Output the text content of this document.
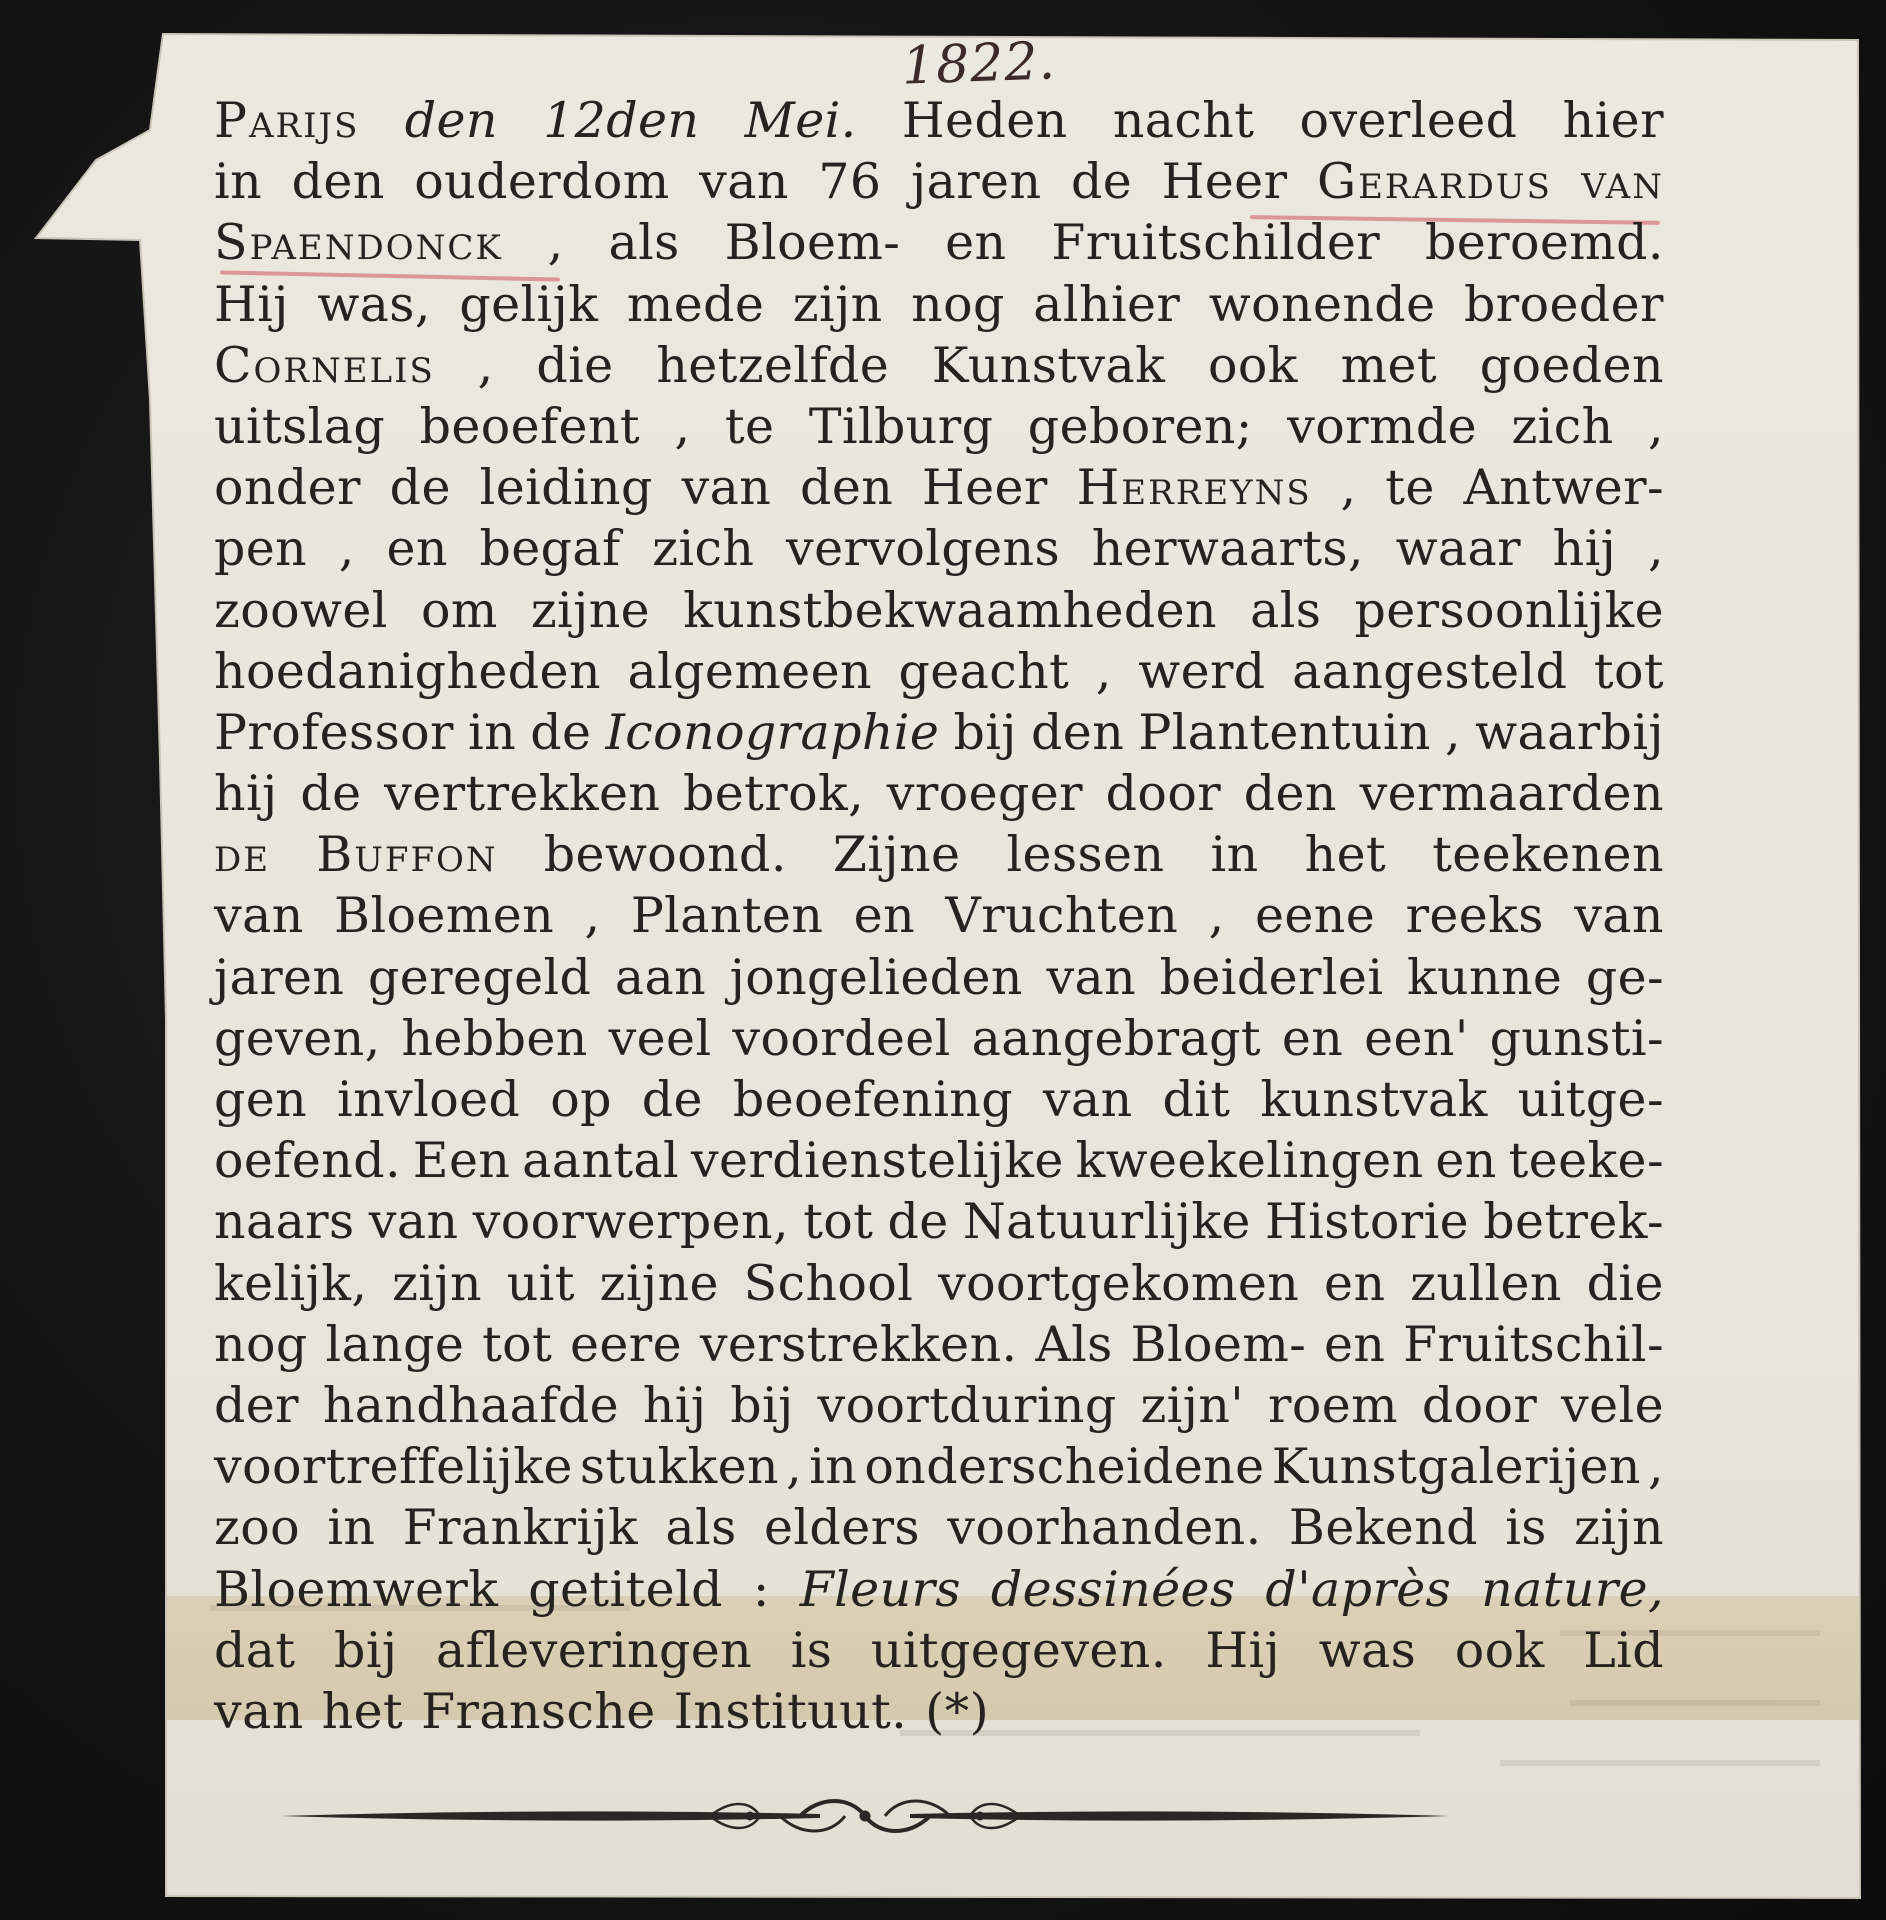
1822.
Parijs den 12den Mei. Heden nacht overleed hier
in den ouderdom van 76 jaren de Heer Gerardus van
Spaendonck , als Bloem- en Fruitschilder beroemd.
Hij was, gelijk mede zijn nog alhier wonende broeder
Cornelis , die hetzelfde Kunstvak ook met goeden
uitslag beoefent , te Tilburg geboren; vormde zich ,
onder de leiding van den Heer Herreyns , te Antwer-
pen , en begaf zich vervolgens herwaarts, waar hij ,
zoowel om zijne kunstbekwaamheden als persoonlijke
hoedanigheden algemeen geacht , werd aangesteld tot
Professor in de Iconographie bij den Plantentuin , waarbij
hij de vertrekken betrok, vroeger door den vermaarden
de Buffon bewoond. Zijne lessen in het teekenen
van Bloemen , Planten en Vruchten , eene reeks van
jaren geregeld aan jongelieden van beiderlei kunne ge-
geven, hebben veel voordeel aangebragt en een' gunsti-
gen invloed op de beoefening van dit kunstvak uitge-
oefend. Een aantal verdienstelijke kweekelingen en teeke-
naars van voorwerpen, tot de Natuurlijke Historie betrek-
kelijk, zijn uit zijne School voortgekomen en zullen die
nog lange tot eere verstrekken. Als Bloem- en Fruitschil-
der handhaafde hij bij voortduring zijn' roem door vele
voortreffelijke stukken , in onderscheidene Kunstgalerijen ,
zoo in Frankrijk als elders voorhanden. Bekend is zijn
Bloemwerk getiteld : Fleurs dessinées d'après nature,
dat bij afleveringen is uitgegeven. Hij was ook Lid
van het Fransche Instituut. (*)
